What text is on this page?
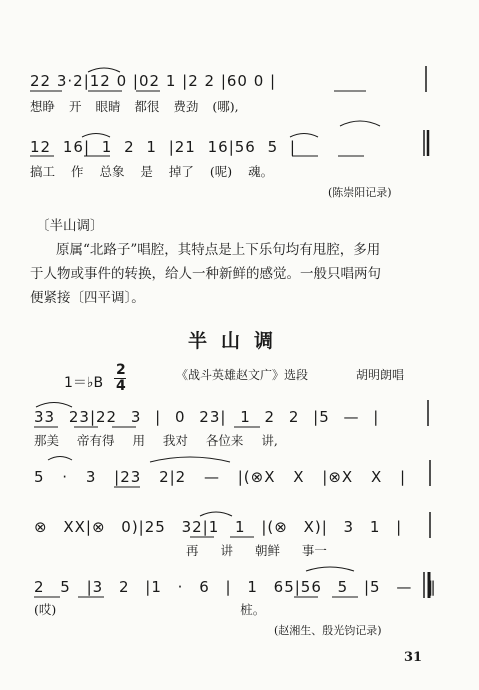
22 3·2|12 0 |02 1 |2 2 |60 0 |
想睁 开 眼睛 都很 费劲 (哪),
12 16| 1 2 1 |21 16|56 5 |
搞工 作 总象 是 掉了 (呢) 魂。
(陈崇阳记录)
〔半山调〕
原属“北路子”唱腔，其特点是上下乐句均有甩腔，多用
于人物或事件的转换，给人一种新鲜的感觉。一般只唱两句
便紧接〔四平调〕。
半山调
1＝♭B
2
4
《战斗英雄赵文广》选段	胡明朗唱
33 23|22 3 | 0 23| 1 2 2 |5 — |
那美 帝有得 用 我对 各位来 讲,
5 · 3 |23 2|2 — |(⊗X X |⊗X X |
⊗ XX|⊗ 0)|25 32|1 1 |(⊗ X)| 3 1 |
再 讲 朝鲜 事一
2 5 |3 2 |1 · 6 | 1 65|56 5 |5 — ‖
(哎) 桩。
(赵湘生、殷光钧记录)
31
